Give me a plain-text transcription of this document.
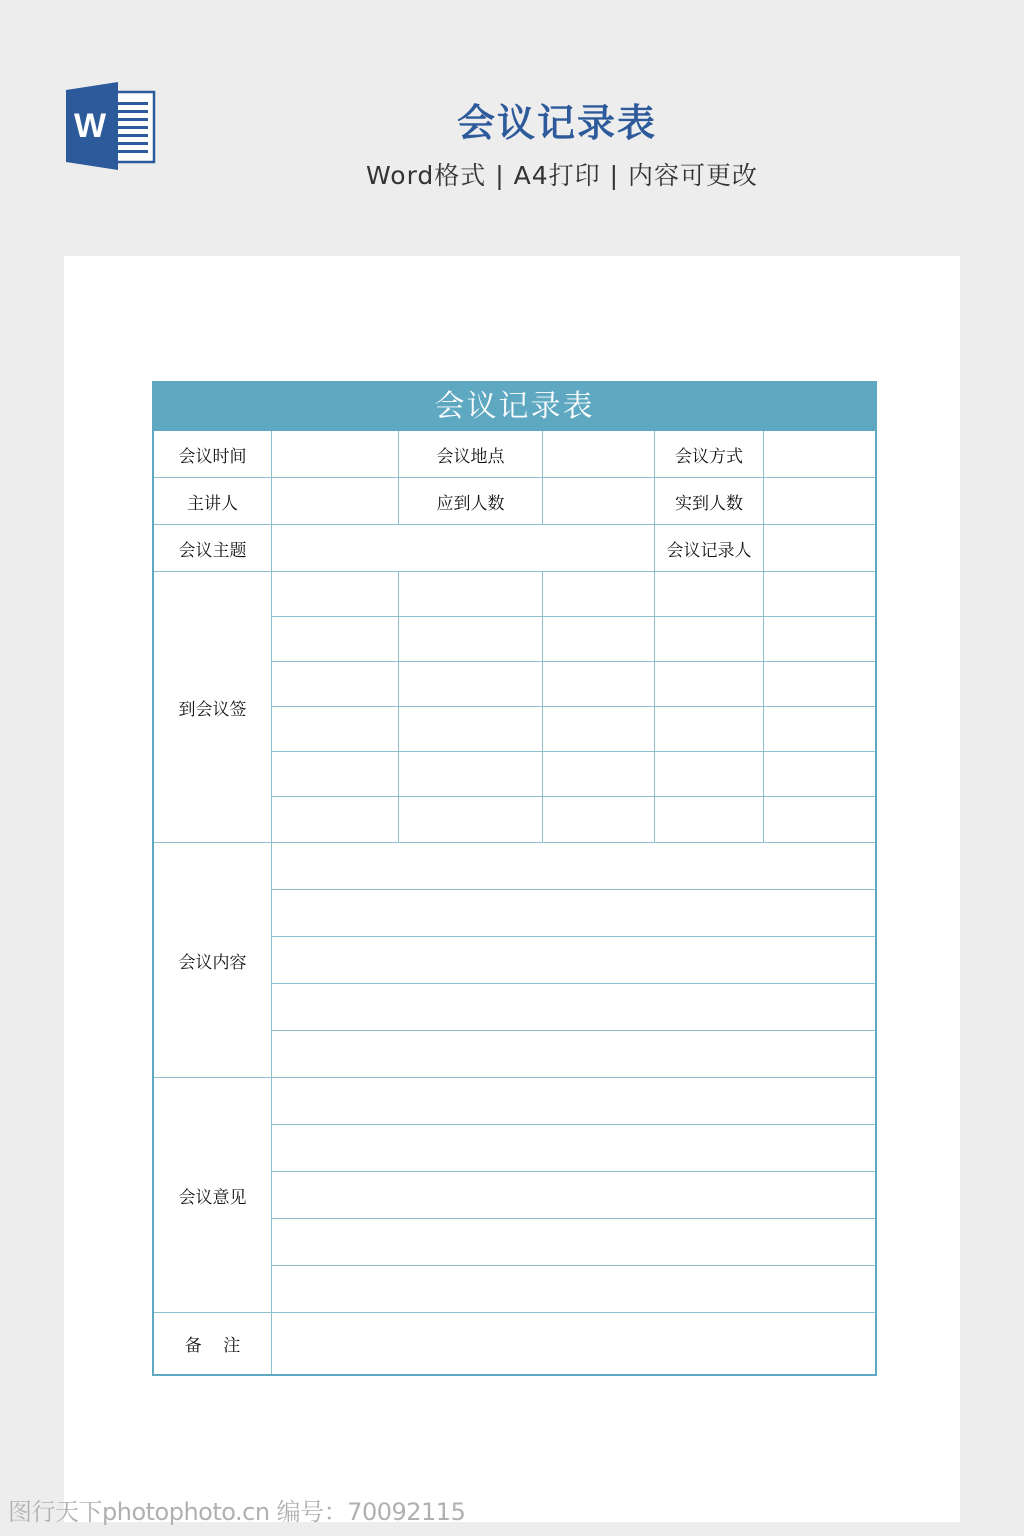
W	会议记录表
Word格式 | A4打印 | 内容可更改
会议记录表
会议时间	会议地点	会议方式
主讲人	应到人数	实到人数
会议主题	会议记录人
到会议签
会议内容
会议意见
备    注
图行天下photophoto.cn 编号：70092115
